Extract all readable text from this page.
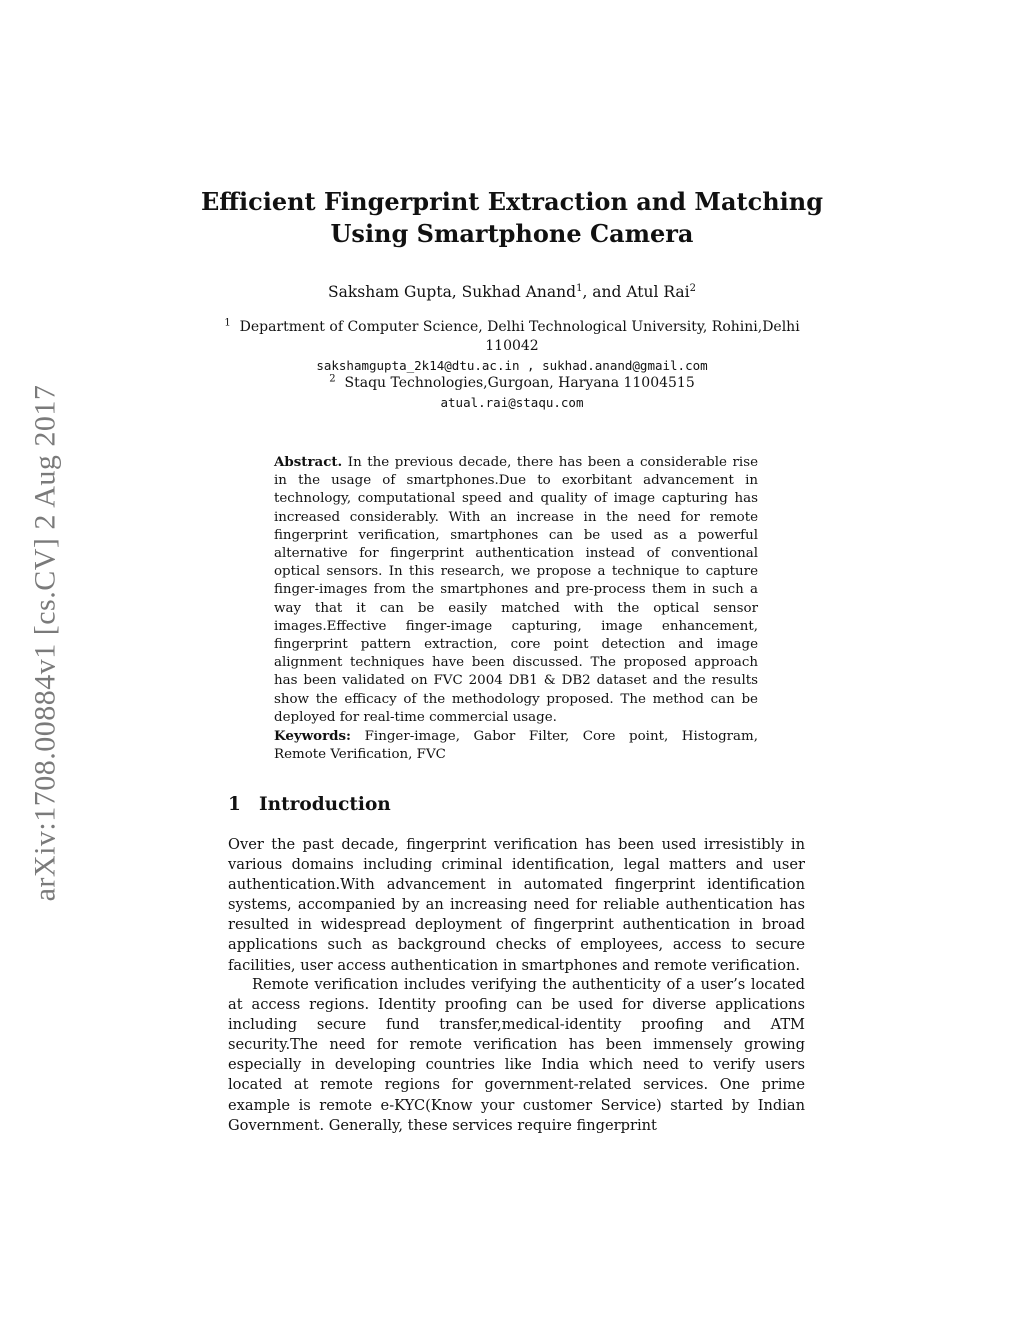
arXiv:1708.00884v1 [cs.CV] 2 Aug 2017
Efficient Fingerprint Extraction and Matching
Using Smartphone Camera

Saksham Gupta, Sukhad Anand$^1$, and Atul Rai$^2$

$^1$ Department of Computer Science, Delhi Technological University, Rohini,Delhi

110042

sakshamgupta_2k14@dtu.ac.in , sukhad.anand@gmail.com

$^2$ Staqu Technologies,Gurgoan, Haryana 11004515

atual.rai@staqu.com

Abstract. In the previous decade, there has been a considerable rise in the usage of smartphones.Due to exorbitant advancement in technology, computational speed and quality of image capturing has increased considerably. With an increase in the need for remote fingerprint verification, smartphones can be used as a powerful alternative for fingerprint authentication instead of conventional optical sensors. In this research, we propose a technique to capture finger-images from the smartphones and pre-process them in such a way that it can be easily matched with the optical sensor images.Effective finger-image capturing, image enhancement, fingerprint pattern extraction, core point detection and image alignment techniques have been discussed. The proposed approach has been validated on FVC 2004 DB1 & DB2 dataset and the results show the efficacy of the methodology proposed. The method can be deployed for real-time commercial usage.

Keywords: Finger-image, Gabor Filter, Core point, Histogram, Remote Verification, FVC

1 Introduction

Over the past decade, fingerprint verification has been used irresistibly in various domains including criminal identification, legal matters and user authentication.With advancement in automated fingerprint identification systems, accompanied by an increasing need for reliable authentication has resulted in widespread deployment of fingerprint authentication in broad applications such as background checks of employees, access to secure facilities, user access authentication in smartphones and remote verification.

Remote verification includes verifying the authenticity of a user’s located at access regions. Identity proofing can be used for diverse applications including secure fund transfer,medical-identity proofing and ATM security.The need for remote verification has been immensely growing especially in developing countries like India which need to verify users located at remote regions for government-related services. One prime example is remote e-KYC(Know your customer Service) started by Indian Government. Generally, these services require fingerprint
